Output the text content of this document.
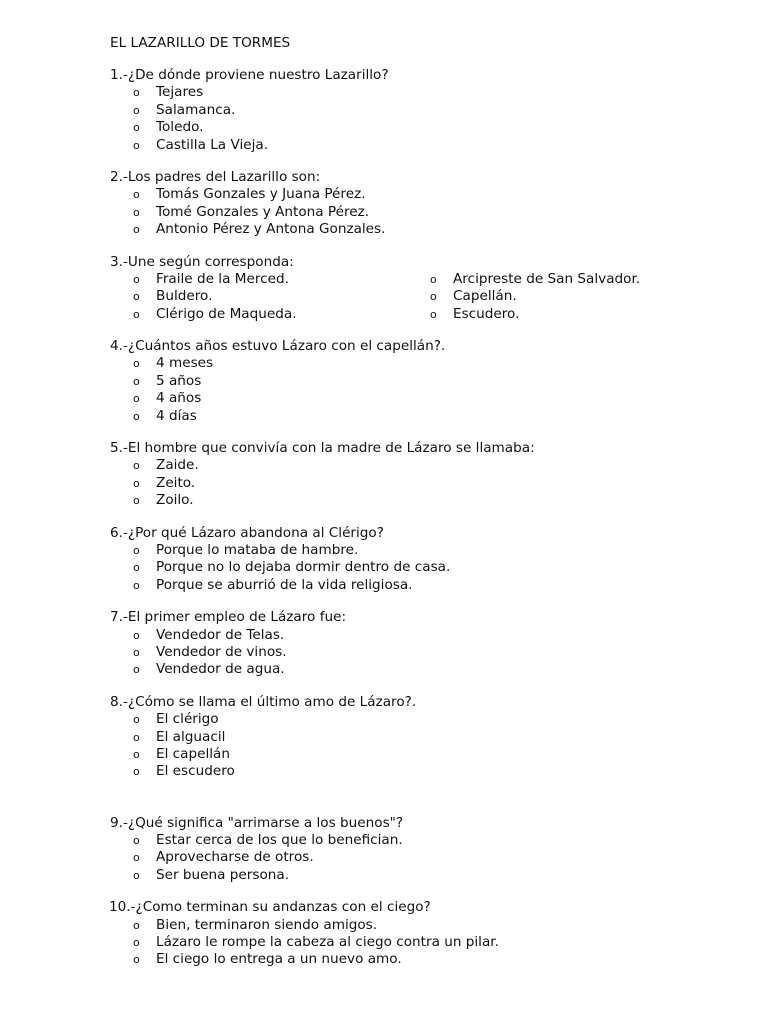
EL LAZARILLO DE TORMES
1.-¿De dónde proviene nuestro Lazarillo?
o Tejares
o Salamanca.
o Toledo.
o Castilla La Vieja.
2.-Los padres del Lazarillo son:
o Tomás Gonzales y Juana Pérez.
o Tomé Gonzales y Antona Pérez.
o Antonio Pérez y Antona Gonzales.
3.-Une según corresponda:
o Fraile de la Merced.
o Buldero.
o Clérigo de Maqueda.
o Arcipreste de San Salvador.
o Capellán.
o Escudero.
4.-¿Cuántos años estuvo Lázaro con el capellán?.
o 4 meses
o 5 años
o 4 años
o 4 días
5.-El hombre que convivía con la madre de Lázaro se llamaba:
o Zaide.
o Zeito.
o Zoilo.
6.-¿Por qué Lázaro abandona al Clérigo?
o Porque lo mataba de hambre.
o Porque no lo dejaba dormir dentro de casa.
o Porque se aburrió de la vida religiosa.
7.-El primer empleo de Lázaro fue:
o Vendedor de Telas.
o Vendedor de vinos.
o Vendedor de agua.
8.-¿Cómo se llama el último amo de Lázaro?.
o El clérigo
o El alguacil
o El capellán
o El escudero
9.-¿Qué significa "arrimarse a los buenos"?
o Estar cerca de los que lo benefician.
o Aprovecharse de otros.
o Ser buena persona.
10.-¿Como terminan su andanzas con el ciego?
o Bien, terminaron siendo amigos.
o Lázaro le rompe la cabeza al ciego contra un pilar.
o El ciego lo entrega a un nuevo amo.
